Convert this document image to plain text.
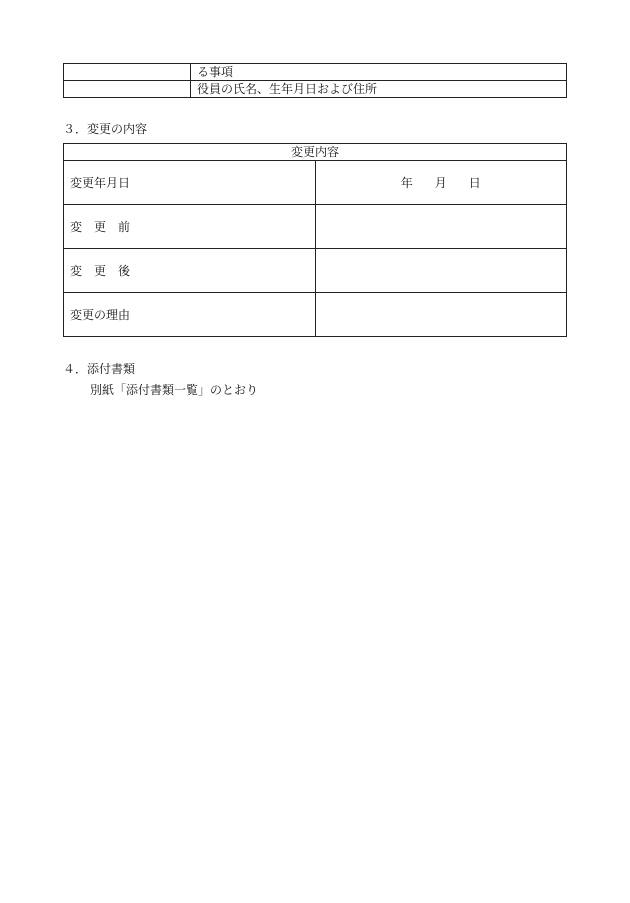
	る事項
	役員の氏名、生年月日および住所
３．変更の内容
変更内容	
変更年月日	年 月 日

変　更　前	
変　更　後	
変更の理由	
４．添付書類
別紙「添付書類一覧」のとおり
